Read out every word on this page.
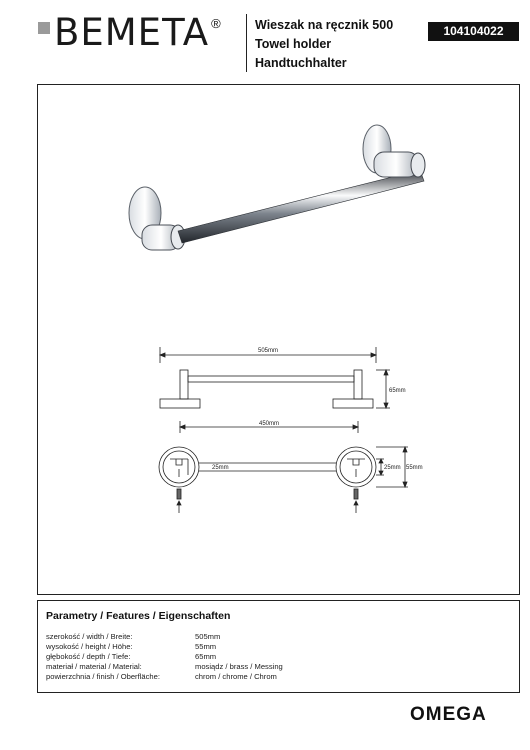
BEMETA ®	Wieszak na ręcznik 500
Towel holder
Handtuchhalter
104104022
505mm
65mm
450mm
25mm	25mm 55mm
Parametry / Features / Eigenschaften
szerokość / width / Breite:	505mm
wysokość / height / Höhe:	55mm
głębokość / depth / Tiefe:	65mm
materiał / material / Material:	mosiądz / brass / Messing
powierzchnia / finish / Oberfläche:	chrom / chrome / Chrom
OMEGA
